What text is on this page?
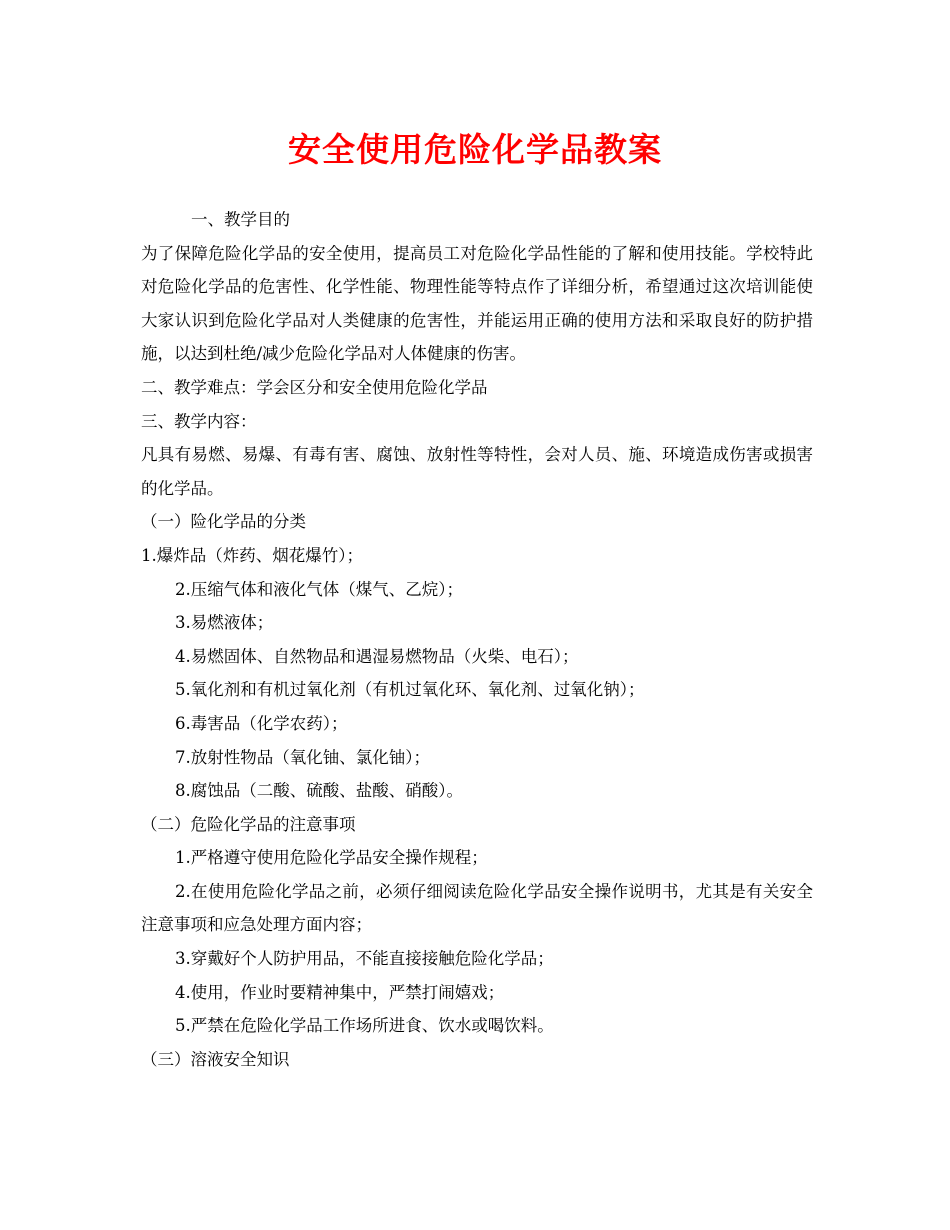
安全使用危险化学品教案

一、教学目的

为了保障危险化学品的安全使用，提高员工对危险化学品性能的了解和使用技能。学校特此对危险化学品的危害性、化学性能、物理性能等特点作了详细分析，希望通过这次培训能使大家认识到危险化学品对人类健康的危害性，并能运用正确的使用方法和采取良好的防护措施，以达到杜绝/减少危险化学品对人体健康的伤害。

二、教学难点：学会区分和安全使用危险化学品

三、教学内容：

凡具有易燃、易爆、有毒有害、腐蚀、放射性等特性，会对人员、施、环境造成伤害或损害的化学品。

（一）险化学品的分类

1.爆炸品（炸药、烟花爆竹）；

2.压缩气体和液化气体（煤气、乙烷）；

3.易燃液体；

4.易燃固体、自然物品和遇湿易燃物品（火柴、电石）；

5.氧化剂和有机过氧化剂（有机过氧化环、氧化剂、过氧化钠）；

6.毒害品（化学农药）；

7.放射性物品（氧化铀、氯化铀）；

8.腐蚀品（二酸、硫酸、盐酸、硝酸）。

（二）危险化学品的注意事项

1.严格遵守使用危险化学品安全操作规程；

2.在使用危险化学品之前，必须仔细阅读危险化学品安全操作说明书，尤其是有关安全注意事项和应急处理方面内容；

3.穿戴好个人防护用品，不能直接接触危险化学品；

4.使用，作业时要精神集中，严禁打闹嬉戏；

5.严禁在危险化学品工作场所进食、饮水或喝饮料。

（三）溶液安全知识
